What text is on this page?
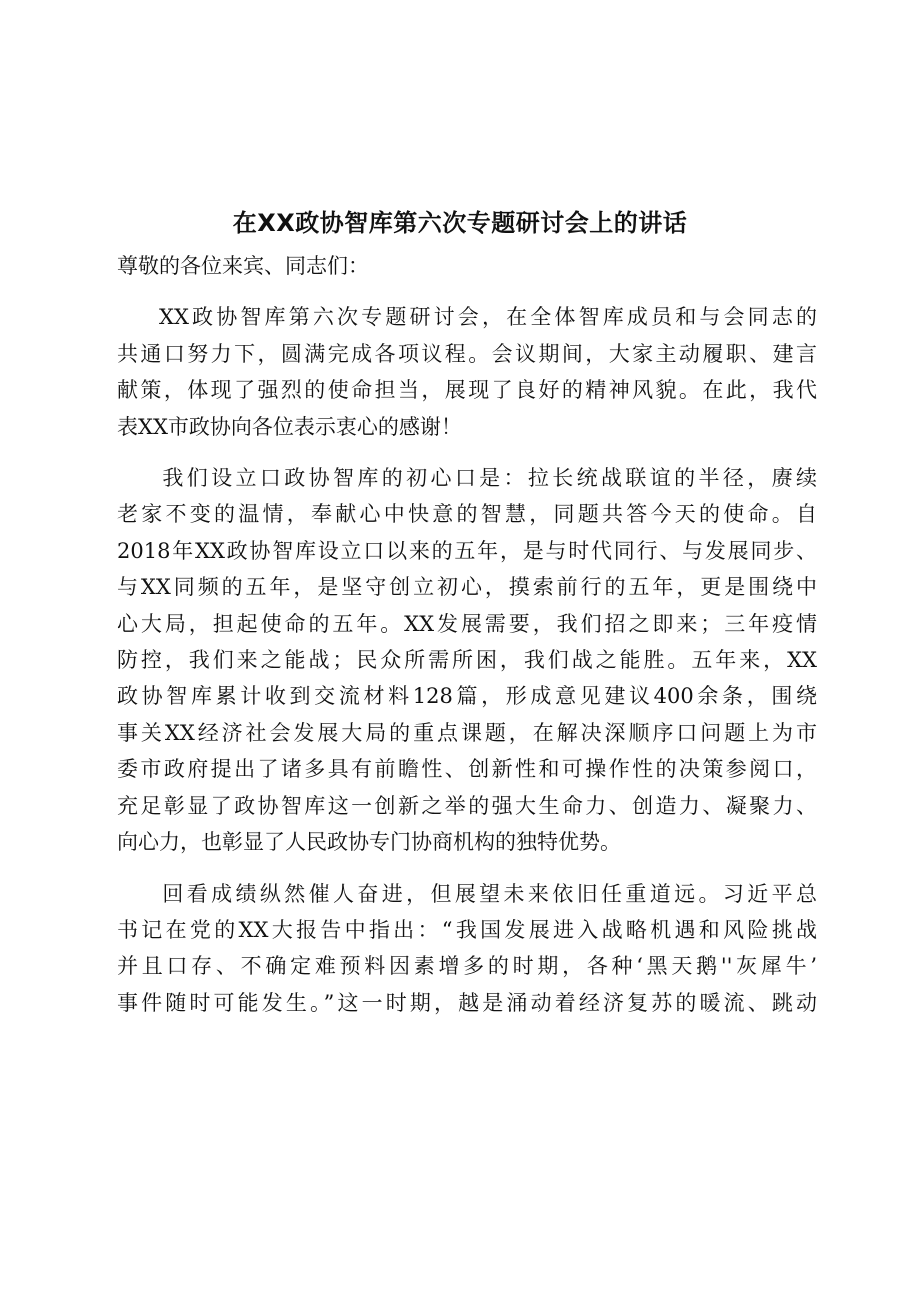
在XX政协智库第六次专题研讨会上的讲话

尊敬的各位来宾、同志们：

XX政协智库第六次专题研讨会，在全体智库成员和与会同志的
共通口努力下，圆满完成各项议程。会议期间，大家主动履职、建言
献策，体现了强烈的使命担当，展现了良好的精神风貌。在此，我代
表XX市政协向各位表示衷心的感谢！

我们设立口政协智库的初心口是：拉长统战联谊的半径，赓续
老家不变的温情，奉献心中快意的智慧，同题共答今天的使命。自
2018年XX政协智库设立口以来的五年，是与时代同行、与发展同步、
与XX同频的五年，是坚守创立初心，摸索前行的五年，更是围绕中
心大局，担起使命的五年。XX发展需要，我们招之即来；三年疫情
防控，我们来之能战；民众所需所困，我们战之能胜。五年来，XX
政协智库累计收到交流材料128篇，形成意见建议400余条，围绕
事关XX经济社会发展大局的重点课题，在解决深顺序口问题上为市
委市政府提出了诸多具有前瞻性、创新性和可操作性的决策参阅口，
充足彰显了政协智库这一创新之举的强大生命力、创造力、凝聚力、
向心力，也彰显了人民政协专门协商机构的独特优势。

回看成绩纵然催人奋进，但展望未来依旧任重道远。习近平总
书记在党的XX大报告中指出：“我国发展进入战略机遇和风险挑战
并且口存、不确定难预料因素增多的时期，各种‘黑天鹅''灰犀牛’
事件随时可能发生。”这一时期，越是涌动着经济复苏的暖流、跳动
